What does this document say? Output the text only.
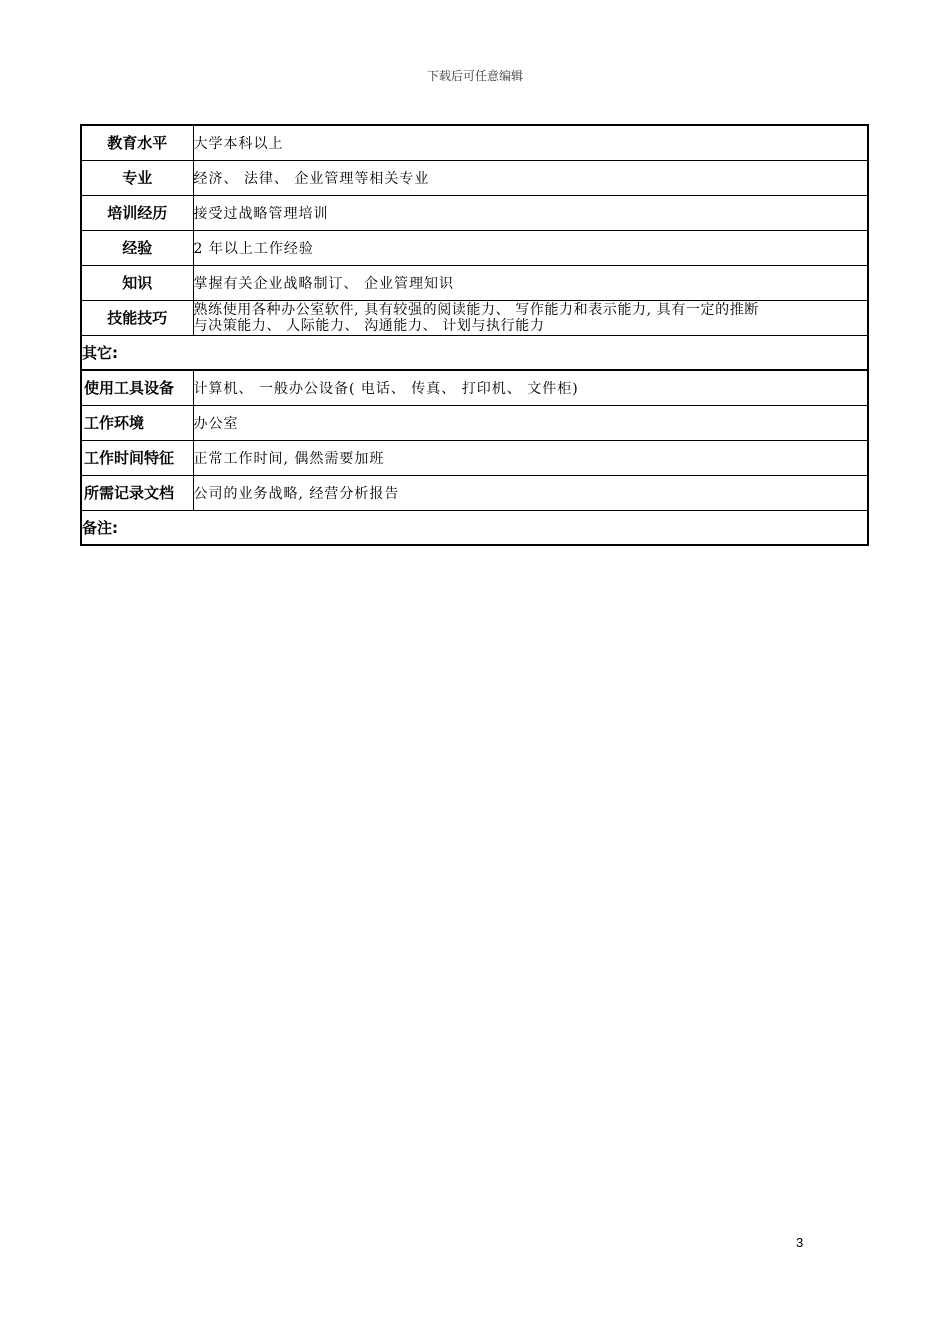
下载后可任意编辑
教育水平	大学本科以上
专业	经济、 法律、 企业管理等相关专业
培训经历	接受过战略管理培训
经验	2 年以上工作经验
知识	掌握有关企业战略制订、 企业管理知识
技能技巧	熟练使用各种办公室软件, 具有较强的阅读能力、 写作能力和表示能力, 具有一定的推断
与决策能力、 人际能力、 沟通能力、 计划与执行能力

其它:	
使用工具设备	计算机、 一般办公设备( 电话、 传真、 打印机、 文件柜)
工作环境	办公室
工作时间特征	正常工作时间, 偶然需要加班
所需记录文档	公司的业务战略, 经营分析报告
备注:	
3
